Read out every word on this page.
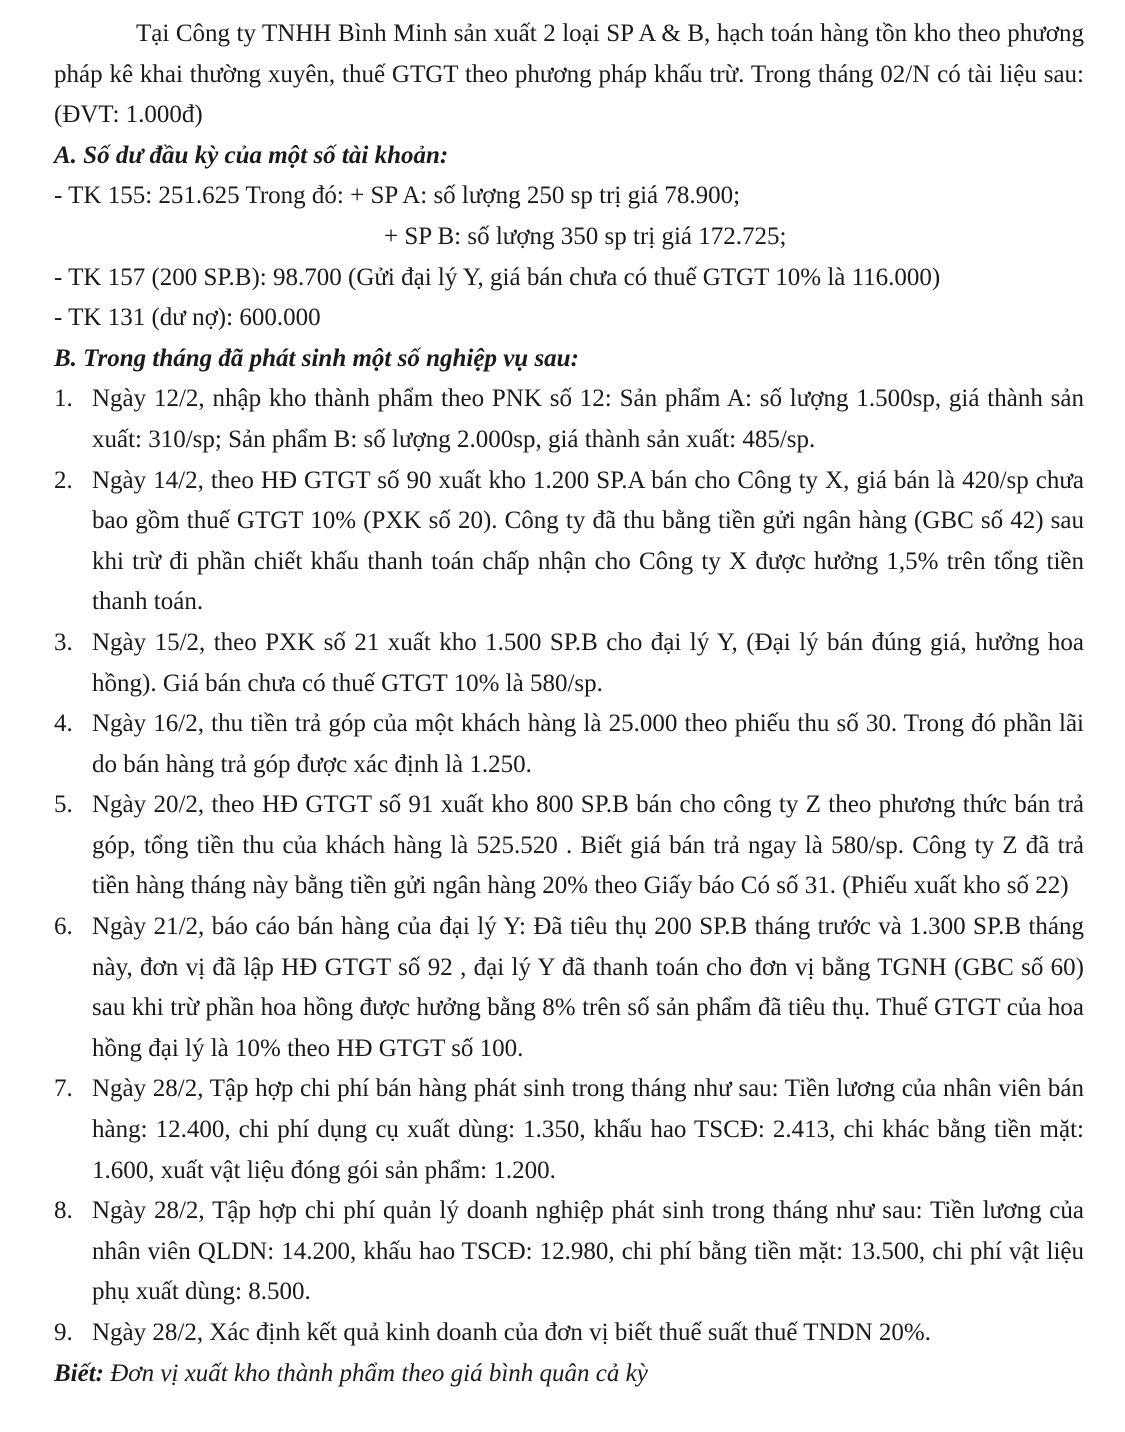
Tại Công ty TNHH Bình Minh sản xuất 2 loại SP A & B, hạch toán hàng tồn kho theo phương pháp kê khai thường xuyên, thuế GTGT theo phương pháp khấu trừ. Trong tháng 02/N có tài liệu sau: (ĐVT: 1.000đ)

A. Số dư đầu kỳ của một số tài khoản:

- TK 155: 251.625 Trong đó: + SP A: số lượng 250 sp trị giá 78.900;

+ SP B: số lượng 350 sp trị giá 172.725;

- TK 157 (200 SP.B): 98.700 (Gửi đại lý Y, giá bán chưa có thuế GTGT 10% là 116.000)

- TK 131 (dư nợ): 600.000

B. Trong tháng đã phát sinh một số nghiệp vụ sau:

1. Ngày 12/2, nhập kho thành phẩm theo PNK số 12: Sản phẩm A: số lượng 1.500sp, giá thành sản xuất: 310/sp; Sản phẩm B: số lượng 2.000sp, giá thành sản xuất: 485/sp.
2. Ngày 14/2, theo HĐ GTGT số 90 xuất kho 1.200 SP.A bán cho Công ty X, giá bán là 420/sp chưa bao gồm thuế GTGT 10% (PXK số 20). Công ty đã thu bằng tiền gửi ngân hàng (GBC số 42) sau khi trừ đi phần chiết khấu thanh toán chấp nhận cho Công ty X được hưởng 1,5% trên tổng tiền thanh toán.
3. Ngày 15/2, theo PXK số 21 xuất kho 1.500 SP.B cho đại lý Y, (Đại lý bán đúng giá, hưởng hoa hồng). Giá bán chưa có thuế GTGT 10% là 580/sp.
4. Ngày 16/2, thu tiền trả góp của một khách hàng là 25.000 theo phiếu thu số 30. Trong đó phần lãi do bán hàng trả góp được xác định là 1.250.
5. Ngày 20/2, theo HĐ GTGT số 91 xuất kho 800 SP.B bán cho công ty Z theo phương thức bán trả góp, tổng tiền thu của khách hàng là 525.520 . Biết giá bán trả ngay là 580/sp. Công ty Z đã trả tiền hàng tháng này bằng tiền gửi ngân hàng 20% theo Giấy báo Có số 31. (Phiếu xuất kho số 22)
6. Ngày 21/2, báo cáo bán hàng của đại lý Y: Đã tiêu thụ 200 SP.B tháng trước và 1.300 SP.B tháng này, đơn vị đã lập HĐ GTGT số 92 , đại lý Y đã thanh toán cho đơn vị bằng TGNH (GBC số 60) sau khi trừ phần hoa hồng được hưởng bằng 8% trên số sản phẩm đã tiêu thụ. Thuế GTGT của hoa hồng đại lý là 10% theo HĐ GTGT số 100.
7. Ngày 28/2, Tập hợp chi phí bán hàng phát sinh trong tháng như sau: Tiền lương của nhân viên bán hàng: 12.400, chi phí dụng cụ xuất dùng: 1.350, khấu hao TSCĐ: 2.413, chi khác bằng tiền mặt: 1.600, xuất vật liệu đóng gói sản phẩm: 1.200.
8. Ngày 28/2, Tập hợp chi phí quản lý doanh nghiệp phát sinh trong tháng như sau: Tiền lương của nhân viên QLDN: 14.200, khấu hao TSCĐ: 12.980, chi phí bằng tiền mặt: 13.500, chi phí vật liệu phụ xuất dùng: 8.500.
9. Ngày 28/2, Xác định kết quả kinh doanh của đơn vị biết thuế suất thuế TNDN 20%.

Biết: Đơn vị xuất kho thành phẩm theo giá bình quân cả kỳ
